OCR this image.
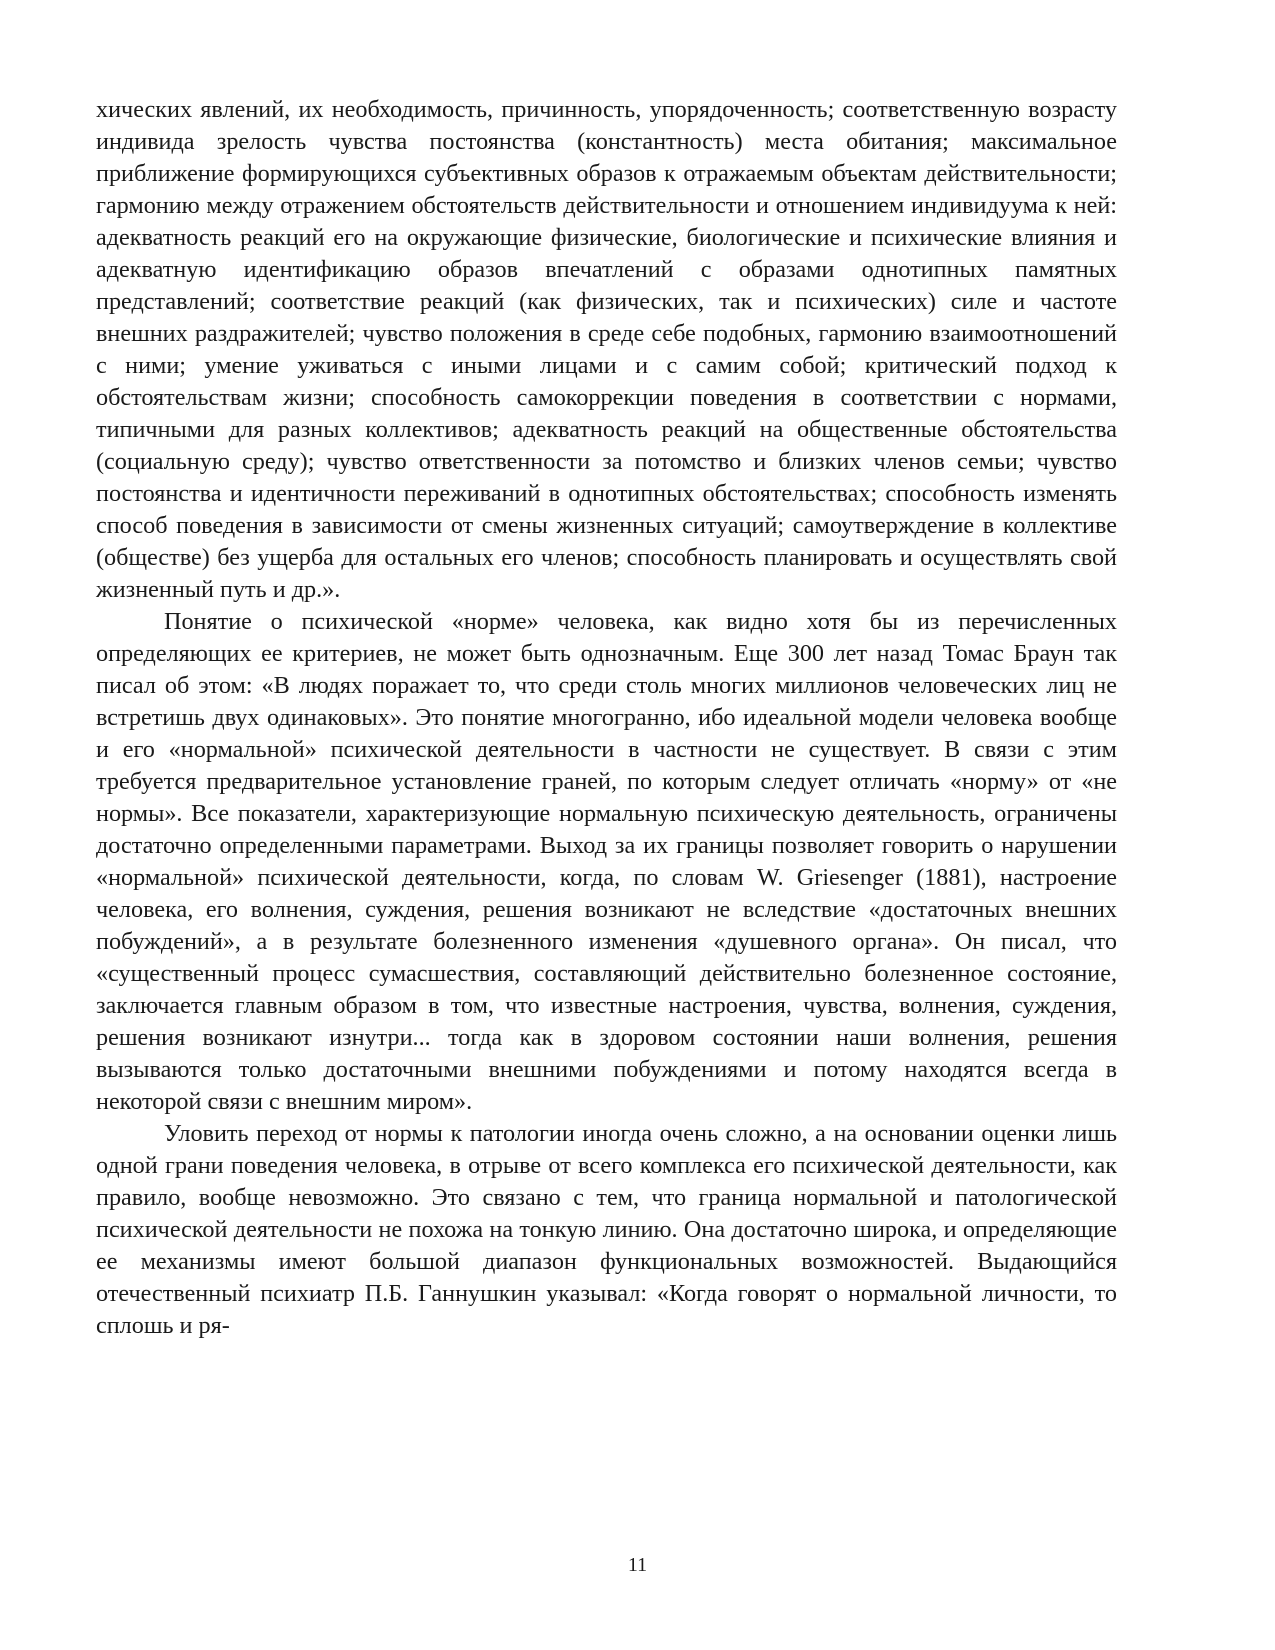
хических явлений, их необходимость, причинность, упорядоченность; соответственную возрасту индивида зрелость чувства постоянства (константность) места обитания; максимальное приближение формирующихся субъективных образов к отражаемым объектам действительности; гармонию между отражением обстоятельств действительности и отношением индивидуума к ней: адекватность реакций его на окружающие физические, биологические и психические влияния и адекватную идентификацию образов впечатлений с образами однотипных памятных представлений; соответствие реакций (как физических, так и психических) силе и частоте внешних раздражителей; чувство положения в среде себе подобных, гармонию взаимоотношений с ними; умение уживаться с иными лицами и с самим собой; критический подход к обстоятельствам жизни; способность самокоррекции поведения в соответствии с нормами, типичными для разных коллективов; адекватность реакций на общественные обстоятельства (социальную среду); чувство ответственности за потомство и близких членов семьи; чувство постоянства и идентичности переживаний в однотипных обстоятельствах; способность изменять способ поведения в зависимости от смены жизненных ситуаций; самоутверждение в коллективе (обществе) без ущерба для остальных его членов; способность планировать и осуществлять свой жизненный путь и др.».

Понятие о психической «норме» человека, как видно хотя бы из перечисленных определяющих ее критериев, не может быть однозначным. Еще 300 лет назад Томас Браун так писал об этом: «В людях поражает то, что среди столь многих миллионов человеческих лиц не встретишь двух одинаковых». Это понятие многогранно, ибо идеальной модели человека вообще и его «нормальной» психической деятельности в частности не существует. В связи с этим требуется предварительное установление граней, по которым следует отличать «норму» от «не нормы». Все показатели, характеризующие нормальную психическую деятельность, ограничены достаточно определенными параметрами. Выход за их границы позволяет говорить о нарушении «нормальной» психической деятельности, когда, по словам W. Griesenger (1881), настроение человека, его волнения, суждения, решения возникают не вследствие «достаточных внешних побуждений», а в результате болезненного изменения «душевного органа». Он писал, что «существенный процесс сумасшествия, составляющий действительно болезненное состояние, заключается главным образом в том, что известные настроения, чувства, волнения, суждения, решения возникают изнутри... тогда как в здоровом состоянии наши волнения, решения вызываются только достаточными внешними побуждениями и потому находятся всегда в некоторой связи с внешним миром».

Уловить переход от нормы к патологии иногда очень сложно, а на основании оценки лишь одной грани поведения человека, в отрыве от всего комплекса его психической деятельности, как правило, вообще невозможно. Это связано с тем, что граница нормальной и патологической психической деятельности не похожа на тонкую линию. Она достаточно широка, и определяющие ее механизмы имеют большой диапазон функциональных возможностей. Выдающийся отечественный психиатр П.Б. Ганнушкин указывал: «Когда говорят о нормальной личности, то сплошь и ря-

11
